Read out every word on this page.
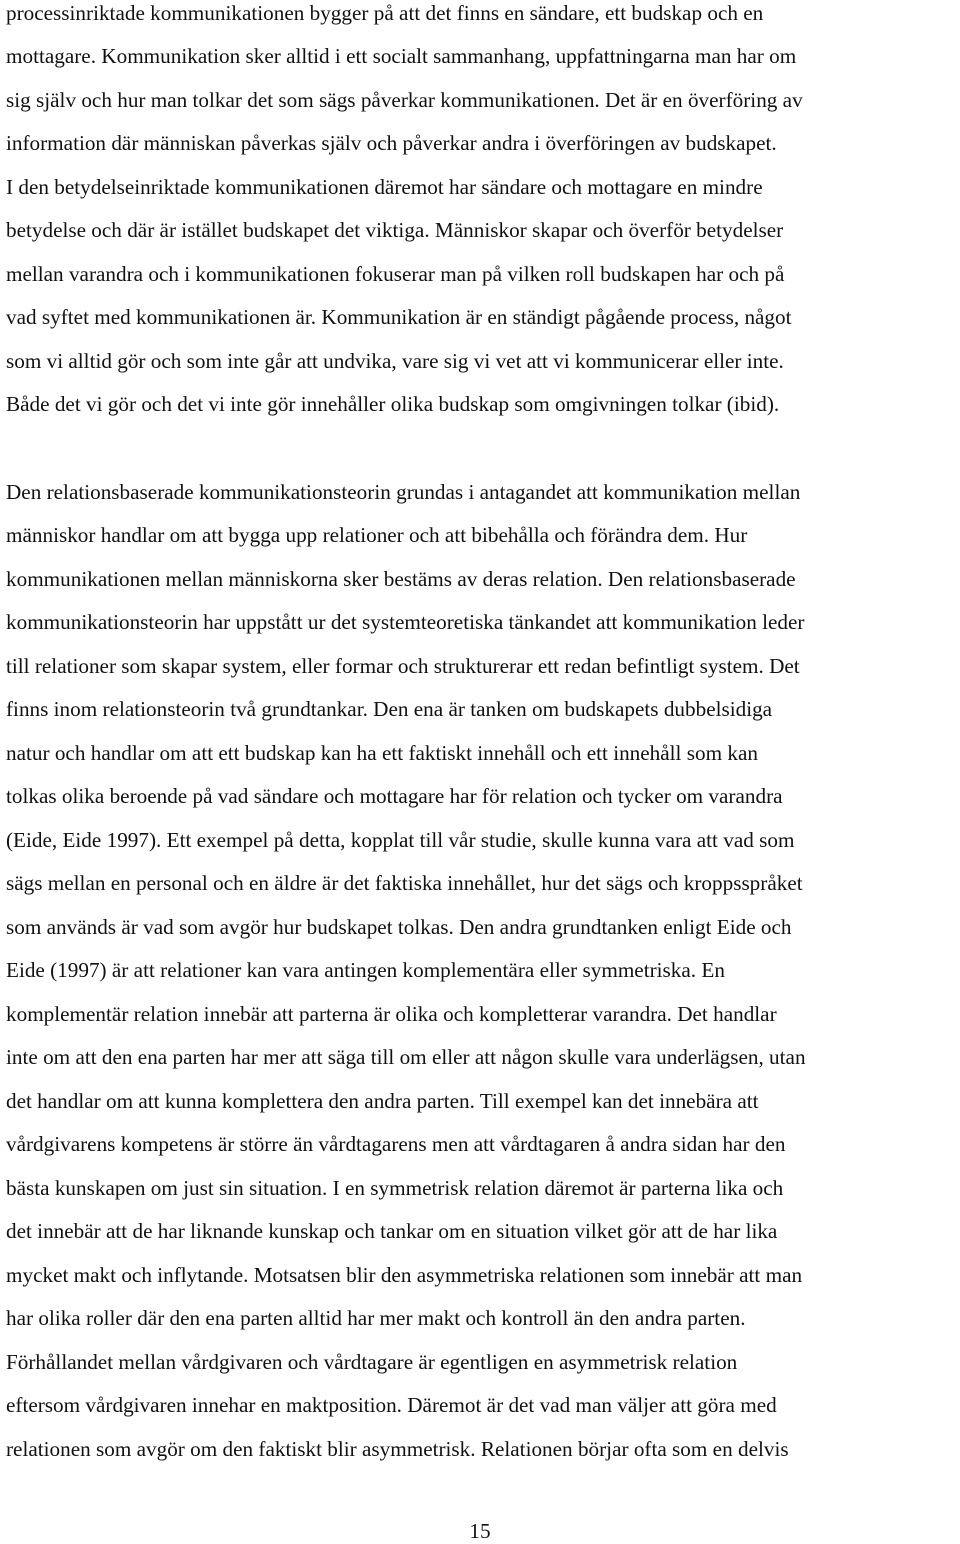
processinriktade kommunikationen bygger på att det finns en sändare, ett budskap och en

mottagare. Kommunikation sker alltid i ett socialt sammanhang, uppfattningarna man har om

sig själv och hur man tolkar det som sägs påverkar kommunikationen. Det är en överföring av

information där människan påverkas själv och påverkar andra i överföringen av budskapet.

I den betydelseinriktade kommunikationen däremot har sändare och mottagare en mindre

betydelse och där är istället budskapet det viktiga. Människor skapar och överför betydelser

mellan varandra och i kommunikationen fokuserar man på vilken roll budskapen har och på

vad syftet med kommunikationen är. Kommunikation är en ständigt pågående process, något

som vi alltid gör och som inte går att undvika, vare sig vi vet att vi kommunicerar eller inte.

Både det vi gör och det vi inte gör innehåller olika budskap som omgivningen tolkar (ibid).

Den relationsbaserade kommunikationsteorin grundas i antagandet att kommunikation mellan

människor handlar om att bygga upp relationer och att bibehålla och förändra dem. Hur

kommunikationen mellan människorna sker bestäms av deras relation. Den relationsbaserade

kommunikationsteorin har uppstått ur det systemteoretiska tänkandet att kommunikation leder

till relationer som skapar system, eller formar och strukturerar ett redan befintligt system. Det

finns inom relationsteorin två grundtankar. Den ena är tanken om budskapets dubbelsidiga

natur och handlar om att ett budskap kan ha ett faktiskt innehåll och ett innehåll som kan

tolkas olika beroende på vad sändare och mottagare har för relation och tycker om varandra

(Eide, Eide 1997). Ett exempel på detta, kopplat till vår studie, skulle kunna vara att vad som

sägs mellan en personal och en äldre är det faktiska innehållet, hur det sägs och kroppsspråket

som används är vad som avgör hur budskapet tolkas. Den andra grundtanken enligt Eide och

Eide (1997) är att relationer kan vara antingen komplementära eller symmetriska. En

komplementär relation innebär att parterna är olika och kompletterar varandra. Det handlar

inte om att den ena parten har mer att säga till om eller att någon skulle vara underlägsen, utan

det handlar om att kunna komplettera den andra parten. Till exempel kan det innebära att

vårdgivarens kompetens är större än vårdtagarens men att vårdtagaren å andra sidan har den

bästa kunskapen om just sin situation. I en symmetrisk relation däremot är parterna lika och

det innebär att de har liknande kunskap och tankar om en situation vilket gör att de har lika

mycket makt och inflytande. Motsatsen blir den asymmetriska relationen som innebär att man

har olika roller där den ena parten alltid har mer makt och kontroll än den andra parten.

Förhållandet mellan vårdgivaren och vårdtagare är egentligen en asymmetrisk relation

eftersom vårdgivaren innehar en maktposition. Däremot är det vad man väljer att göra med

relationen som avgör om den faktiskt blir asymmetrisk. Relationen börjar ofta som en delvis

15
